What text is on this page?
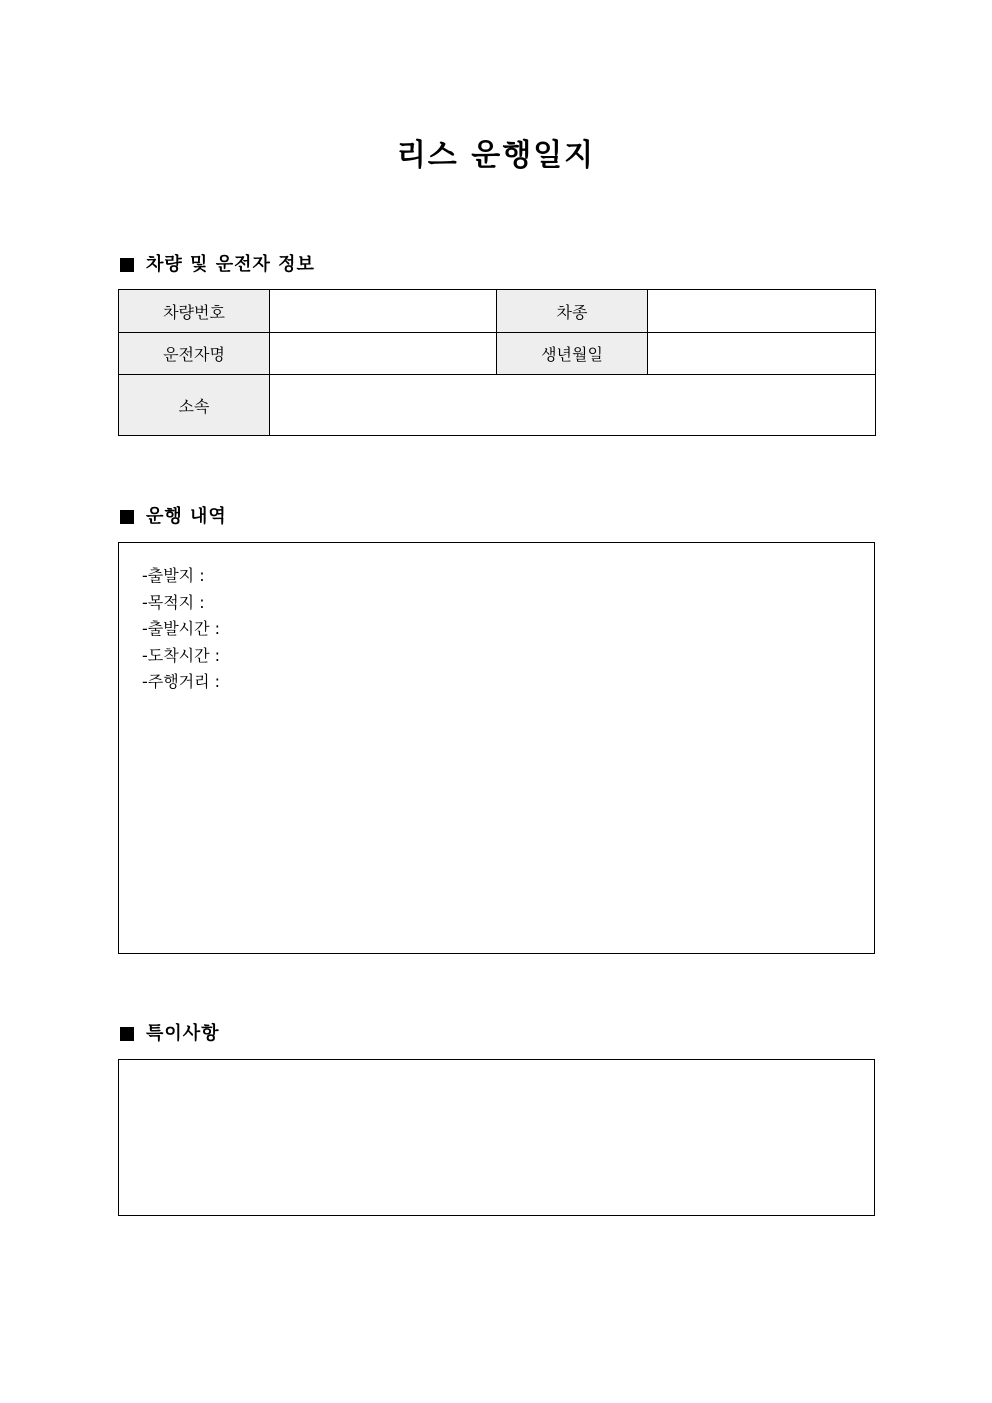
리스 운행일지
차량 및 운전자 정보
차량번호		차종	
운전자명		생년월일	
소속			
운행 내역
-출발지 :
-목적지 :
-출발시간 :
-도착시간 :
-주행거리 :
특이사항
